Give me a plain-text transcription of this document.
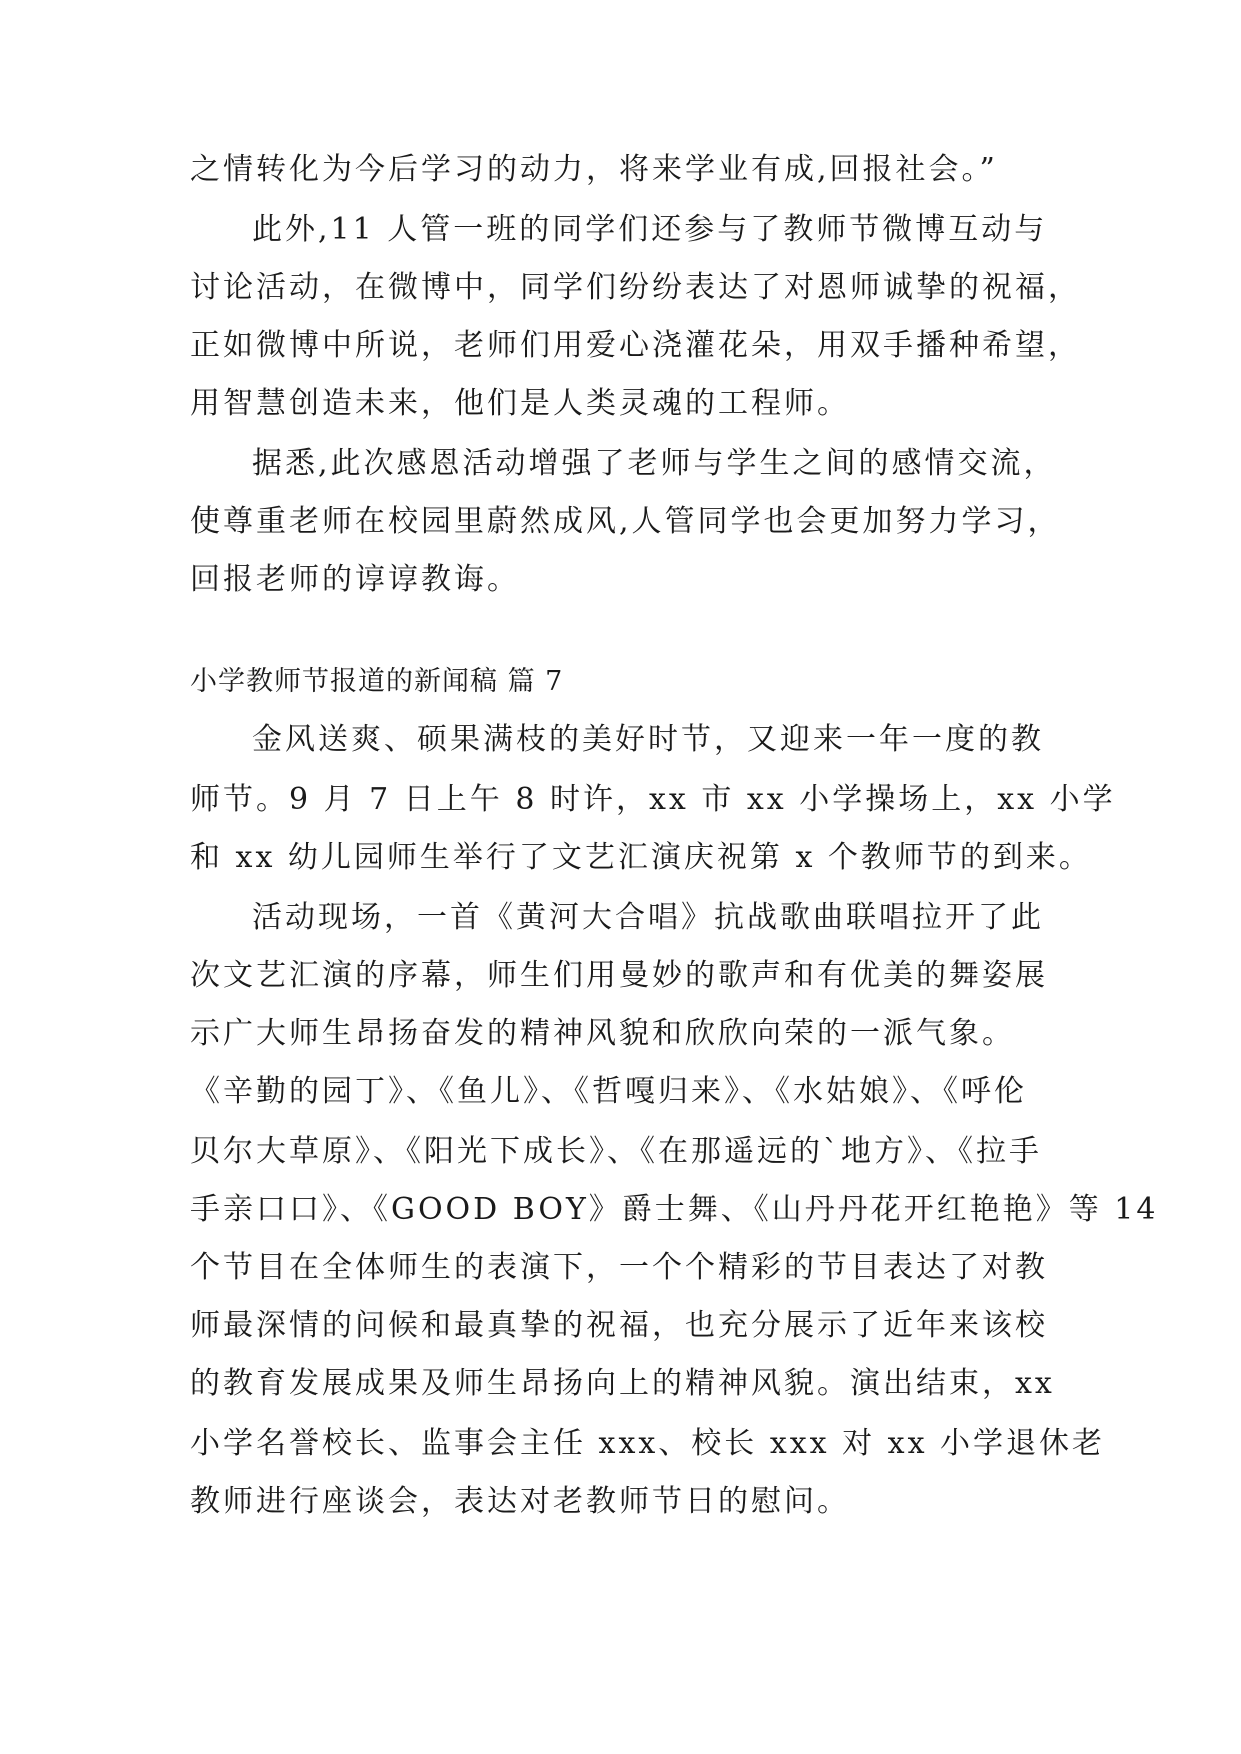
之情转化为今后学习的动力，将来学业有成,回报社会。”
此外,11 人管一班的同学们还参与了教师节微博互动与
讨论活动，在微博中，同学们纷纷表达了对恩师诚挚的祝福，
正如微博中所说，老师们用爱心浇灌花朵，用双手播种希望，
用智慧创造未来，他们是人类灵魂的工程师。
据悉,此次感恩活动增强了老师与学生之间的感情交流，
使尊重老师在校园里蔚然成风,人管同学也会更加努力学习，
回报老师的谆谆教诲。
小学教师节报道的新闻稿 篇 7
金风送爽、硕果满枝的美好时节，又迎来一年一度的教
师节。9 月 7 日上午 8 时许，xx 市 xx 小学操场上，xx 小学
和 xx 幼儿园师生举行了文艺汇演庆祝第 x 个教师节的到来。
活动现场，一首《黄河大合唱》抗战歌曲联唱拉开了此
次文艺汇演的序幕，师生们用曼妙的歌声和有优美的舞姿展
示广大师生昂扬奋发的精神风貌和欣欣向荣的一派气象。
《辛勤的园丁》、《鱼儿》、《哲嘎归来》、《水姑娘》、《呼伦
贝尔大草原》、《阳光下成长》、《在那遥远的`地方》、《拉手
手亲口口》、《GOOD BOY》爵士舞、《山丹丹花开红艳艳》等 14
个节目在全体师生的表演下，一个个精彩的节目表达了对教
师最深情的问候和最真挚的祝福，也充分展示了近年来该校
的教育发展成果及师生昂扬向上的精神风貌。演出结束，xx
小学名誉校长、监事会主任 xxx、校长 xxx 对 xx 小学退休老
教师进行座谈会，表达对老教师节日的慰问。
